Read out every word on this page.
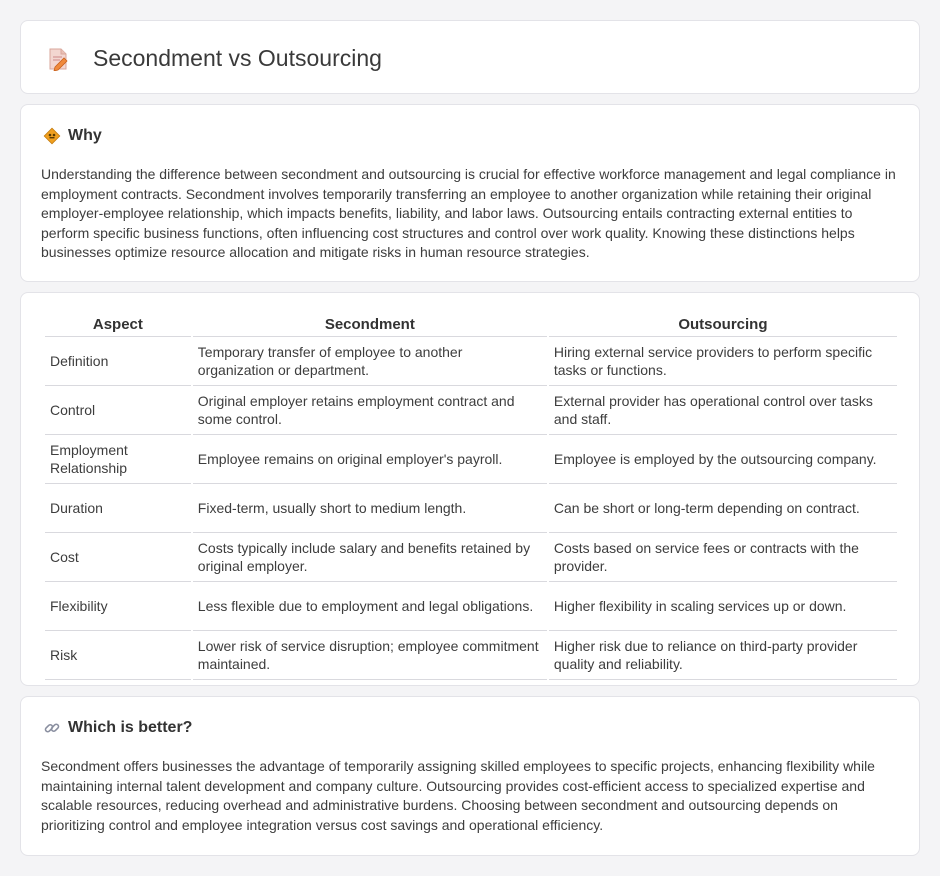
Secondment vs Outsourcing
Why

Understanding the difference between secondment and outsourcing is crucial for effective workforce management and legal compliance in employment contracts. Secondment involves temporarily transferring an employee to another organization while retaining their original employer-employee relationship, which impacts benefits, liability, and labor laws. Outsourcing entails contracting external entities to perform specific business functions, often influencing cost structures and control over work quality. Knowing these distinctions helps businesses optimize resource allocation and mitigate risks in human resource strategies.

Aspect	Secondment	Outsourcing
Definition	Temporary transfer of employee to another organization or department.	Hiring external service providers to perform specific tasks or functions.
Control	Original employer retains employment contract and some control.	External provider has operational control over tasks and staff.
Employment Relationship	Employee remains on original employer's payroll.	Employee is employed by the outsourcing company.
Duration	Fixed-term, usually short to medium length.	Can be short or long-term depending on contract.
Cost	Costs typically include salary and benefits retained by original employer.	Costs based on service fees or contracts with the provider.
Flexibility	Less flexible due to employment and legal obligations.	Higher flexibility in scaling services up or down.
Risk	Lower risk of service disruption; employee commitment maintained.	Higher risk due to reliance on third-party provider quality and reliability.
Which is better?

Secondment offers businesses the advantage of temporarily assigning skilled employees to specific projects, enhancing flexibility while maintaining internal talent development and company culture. Outsourcing provides cost-efficient access to specialized expertise and scalable resources, reducing overhead and administrative burdens. Choosing between secondment and outsourcing depends on prioritizing control and employee integration versus cost savings and operational efficiency.
